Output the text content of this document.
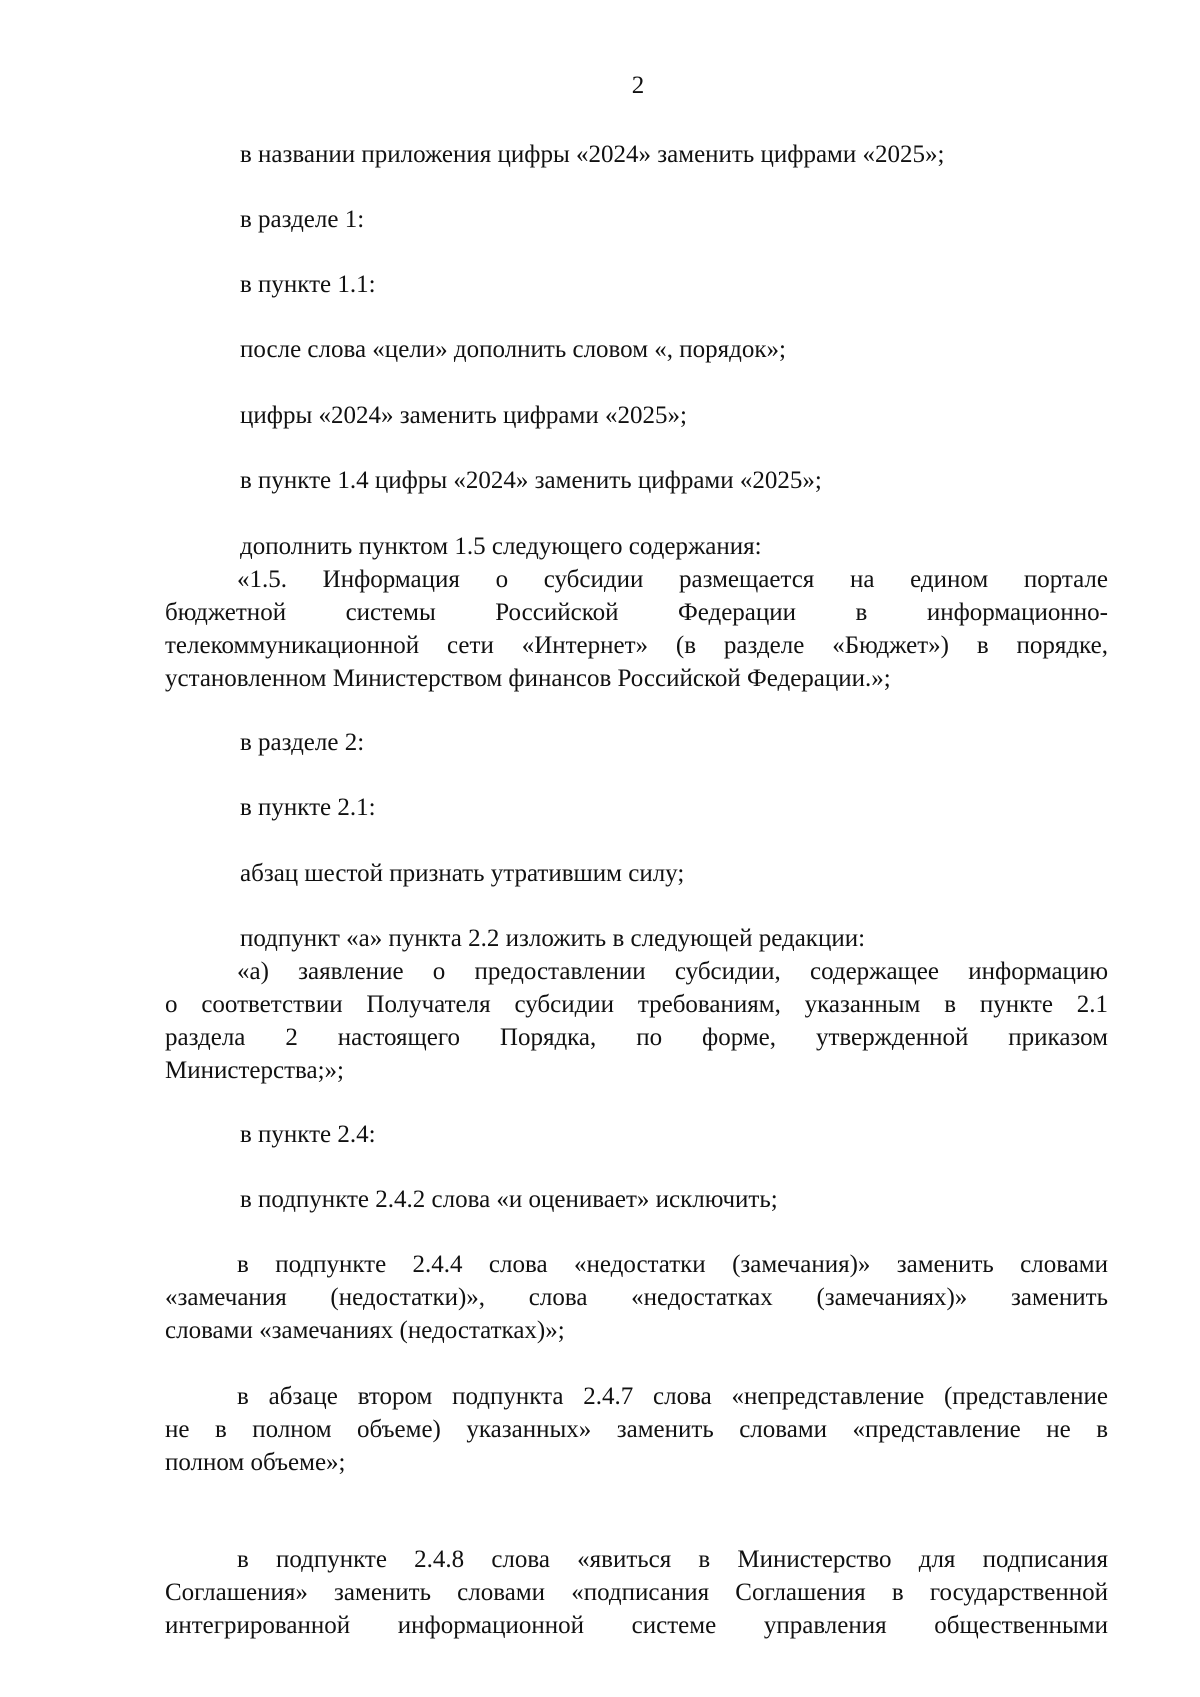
2
в названии приложения цифры «2024» заменить цифрами «2025»;
в разделе 1:
в пункте 1.1:
после слова «цели» дополнить словом «, порядок»;
цифры «2024» заменить цифрами «2025»;
в пункте 1.4 цифры «2024» заменить цифрами «2025»;
дополнить пунктом 1.5 следующего содержания:
«1.5. Информация о субсидии размещается на едином портале
бюджетной системы Российской Федерации в информационно-
телекоммуникационной сети «Интернет» (в разделе «Бюджет») в порядке,
установленном Министерством финансов Российской Федерации.»;
в разделе 2:
в пункте 2.1:
абзац шестой признать утратившим силу;
подпункт «а» пункта 2.2 изложить в следующей редакции:
«а) заявление о предоставлении субсидии, содержащее информацию
о соответствии Получателя субсидии требованиям, указанным в пункте 2.1
раздела 2 настоящего Порядка, по форме, утвержденной приказом
Министерства;»;
в пункте 2.4:
в подпункте 2.4.2 слова «и оценивает» исключить;
в подпункте 2.4.4 слова «недостатки (замечания)» заменить словами
«замечания (недостатки)», слова «недостатках (замечаниях)» заменить
словами «замечаниях (недостатках)»;
в абзаце втором подпункта 2.4.7 слова «непредставление (представление
не в полном объеме) указанных» заменить словами «представление не в
полном объеме»;
в подпункте 2.4.8 слова «явиться в Министерство для подписания
Соглашения» заменить словами «подписания Соглашения в государственной
интегрированной информационной системе управления общественными
